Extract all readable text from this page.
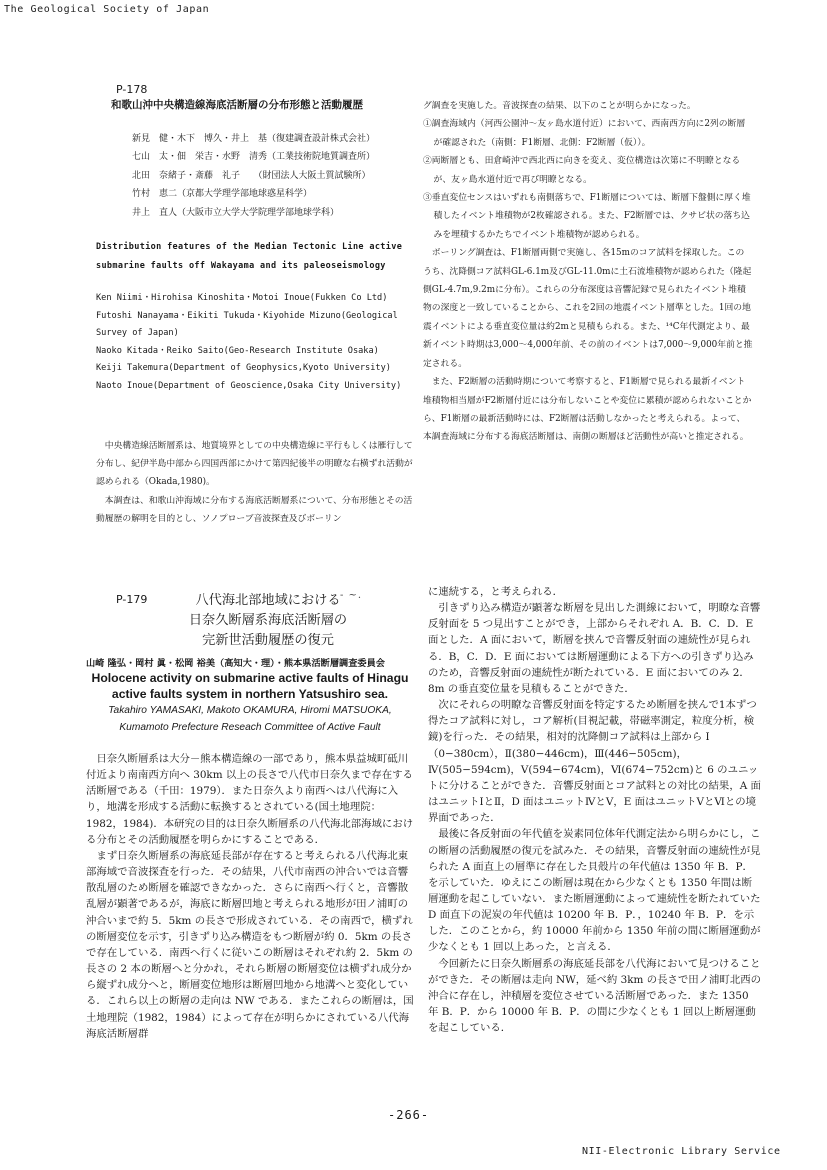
The Geological Society of Japan
P-178
和歌山沖中央構造線海底活断層の分布形態と活動履歴
新見　健・木下　博久・井上　基（復建調査設計株式会社）
七山　太・佃　栄吉・水野　清秀（工業技術院地質調査所）
北田　奈緒子・斎藤　礼子　　（財団法人大阪土質試験所）
竹村　恵二（京都大学理学部地球惑星科学）
井上　直人（大阪市立大学大学院理学部地球学科）
Distribution features of the Median Tectonic Line active
submarine faults off Wakayama and its paleoseismology
Ken Niimi・Hirohisa Kinoshita・Motoi Inoue(Fukken Co Ltd)
Futoshi Nanayama・Eikiti Tukuda・Kiyohide Mizuno(Geological
Survey of Japan)
Naoko Kitada・Reiko Saito(Geo-Research Institute Osaka)
Keiji Takemura(Department of Geophysics,Kyoto University)
Naoto Inoue(Department of Geoscience,Osaka City University)

中央構造線活断層系は、地質境界としての中央構造線に平行もしくは雁行して分布し、紀伊半島中部から四国西部にかけて第四紀後半の明瞭な右横ずれ活動が認められる（Okada,1980)。

本調査は、和歌山沖海域に分布する海底活断層系について、分布形態とその活動履歴の解明を目的とし、ソノプローブ音波探査及びボーリン

グ調査を実施した。音波探査の結果、以下のことが明らかになった。

①調査海域内（河西公園沖～友ヶ島水道付近）において、西南西方向に2列の断層が確認された（南側：F1断層、北側：F2断層（仮））。

②両断層とも、田倉崎沖で西北西に向きを変え、変位構造は次第に不明瞭となるが、友ヶ島水道付近で再び明瞭となる。

③垂直変位センスはいずれも南側落ちで、F1断層については、断層下盤側に厚く堆積したイベント堆積物が2枚確認される。また、F2断層では、クサビ状の落ち込みを埋積するかたちでイベント堆積物が認められる。

ボーリング調査は、F1断層両側で実施し、各15mのコア試料を採取した。このうち、沈降側コア試料GL-6.1m及びGL-11.0mに土石流堆積物が認められた（隆起側GL-4.7m,9.2mに分布）。これらの分布深度は音響記録で見られたイベント堆積物の深度と一致していることから、これを2回の地震イベント層準とした。1回の地震イベントによる垂直変位量は約2mと見積もられる。また、¹⁴C年代測定より、最新イベント時期は3,000～4,000年前、その前のイベントは7,000～9,000年前と推定される。

また、F2断層の活動時期について考察すると、F1断層で見られる最新イベント堆積物相当層がF2断層付近には分布しないことや変位に累積が認められないことから、F1断層の最新活動時には、F2断層は活動しなかったと考えられる。よって、本調査海域に分布する海底活断層は、南側の断層ほど活動性が高いと推定される。

P-179	八代海北部地域における
日奈久断層系海底活断層の
完新世活動履歴の復元
- ~.
山崎 隆弘・岡村 眞・松岡 裕美（高知大・理）・熊本県活断層調査委員会
Holocene activity on submarine active faults of Hinagu
active faults system in northern Yatsushiro sea.
Takahiro YAMASAKI, Makoto OKAMURA, Hiromi MATSUOKA,
Kumamoto Prefecture Reseach Committee of Active Fault

日奈久断層系は大分－熊本構造線の一部であり，熊本県益城町砥川付近より南南西方向へ 30km 以上の長さで八代市日奈久まで存在する活断層である（千田：1979）．また日奈久より南西へは八代海に入り，地溝を形成する活動に転換するとされている(国土地理院：1982，1984)．本研究の目的は日奈久断層系の八代海北部海域における分布とその活動履歴を明らかにすることである．

まず日奈久断層系の海底延長部が存在すると考えられる八代海北東部海域で音波探査を行った．その結果，八代市南西の沖合いでは音響散乱層のため断層を確認できなかった．さらに南西へ行くと，音響散乱層が顕著であるが，海底に断層凹地と考えられる地形が田ノ浦町の沖合いまで約 5．5km の長さで形成されている．その南西で，横ずれの断層変位を示す，引きずり込み構造をもつ断層が約 0．5km の長さで存在している．南西へ行くに従いこの断層はそれぞれ約 2．5km の長さの 2 本の断層へと分かれ，それら断層の断層変位は横ずれ成分から縦ずれ成分へと，断層変位地形は断層凹地から地溝へと変化している．これら以上の断層の走向は NW である．またこれらの断層は，国土地理院（1982，1984）によって存在が明らかにされている八代海海底活断層群

に連続する，と考えられる．

引きずり込み構造が顕著な断層を見出した測線において，明瞭な音響反射面を 5 つ見出すことができ，上部からそれぞれ A．B．C．D．E 面とした．A 面において，断層を挟んで音響反射面の連続性が見られる．B，C．D．E 面においては断層運動による下方への引きずり込みのため，音響反射面の連続性が断たれている．E 面においてのみ 2．8m の垂直変位量を見積もることができた．

次にそれらの明瞭な音響反射面を特定するため断層を挟んで1本ずつ得たコア試料に対し，コア解析(目視記載，帯磁率測定，粒度分析，検鏡)を行った．その結果，相対的沈降側コア試料は上部から Ⅰ（0−380cm），Ⅱ(380−446cm)，Ⅲ(446−505cm)，Ⅳ(505−594cm)，Ⅴ(594−674cm)，Ⅵ(674−752cm)と 6 のユニットに分けることができた．音響反射面とコア試料との対比の結果，A 面はユニットⅠとⅡ，D 面はユニットⅣとⅤ，E 面はユニットⅤとⅥとの境界面であった．

最後に各反射面の年代値を炭素同位体年代測定法から明らかにし，この断層の活動履歴の復元を試みた．その結果，音響反射面の連続性が見られた A 面直上の層準に存在した貝殻片の年代値は 1350 年 B．P．を示していた．ゆえにこの断層は現在から少なくとも 1350 年間は断層運動を起こしていない．また断層運動によって連続性を断たれていた D 面直下の泥炭の年代値は 10200 年 B．P．，10240 年 B．P．を示した．このことから，約 10000 年前から 1350 年前の間に断層運動が少なくとも 1 回以上あった，と言える．

今回新たに日奈久断層系の海底延長部を八代海において見つけることができた．その断層は走向 NW，延べ約 3km の長さで田ノ浦町北西の沖合に存在し，沖積層を変位させている活断層であった．また 1350 年 B．P．から 10000 年 B．P．の間に少なくとも 1 回以上断層運動を起こしている．

-266-
NII-Electronic Library Service
